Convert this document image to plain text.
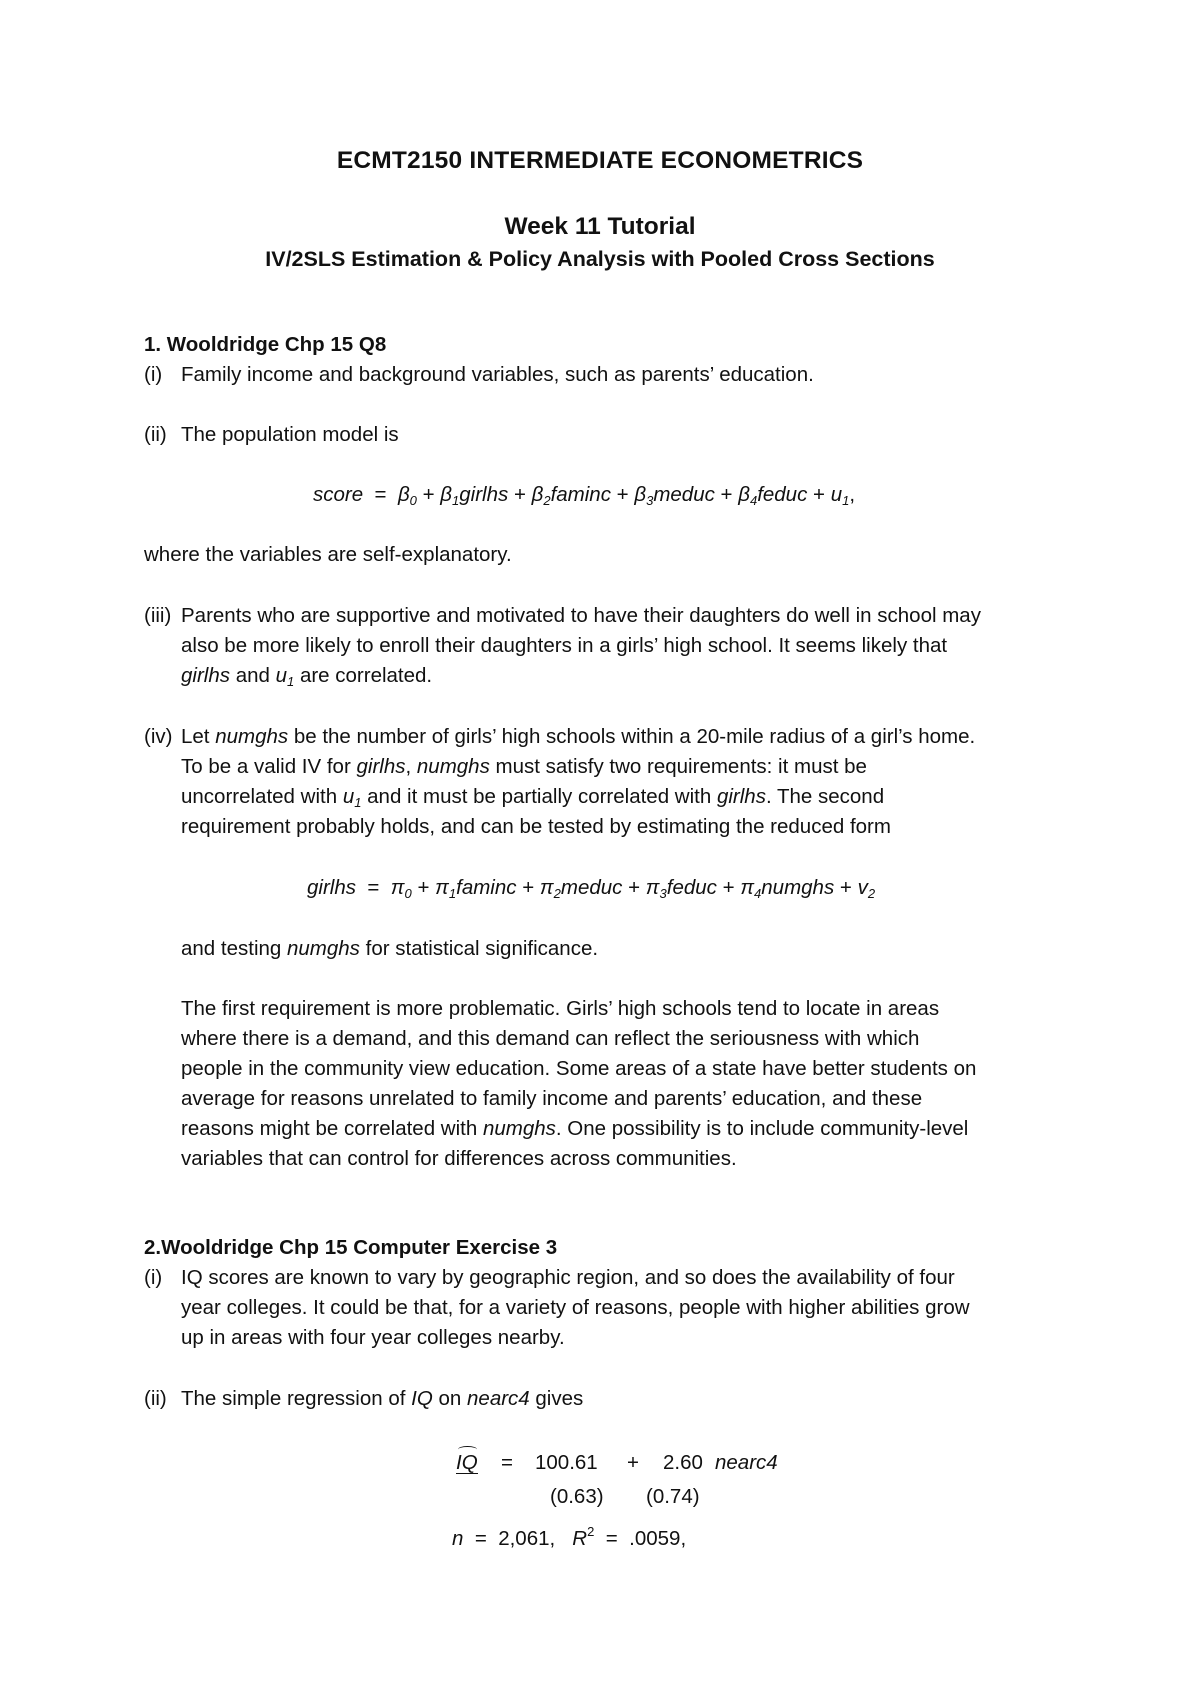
ECMT2150 INTERMEDIATE ECONOMETRICS
Week 11 Tutorial
IV/2SLS Estimation & Policy Analysis with Pooled Cross Sections
1. Wooldridge Chp 15 Q8
(i) Family income and background variables, such as parents’ education.
(ii) The population model is
score = $\beta_0$ + $\beta_1girlhs + \beta_2faminc$ + $\beta_3meduc$ + $\beta_4feduc + u_1$,
where the variables are self-explanatory.
(iii) Parents who are supportive and motivated to have their daughters do well in school may
also be more likely to enroll their daughters in a girls’ high school. It seems likely that
girlhs and $u_1$ are correlated.
(iv) Let numghs be the number of girls’ high schools within a 20-mile radius of a girl’s home.
To be a valid IV for girlhs, numghs must satisfy two requirements: it must be
uncorrelated with $u_1$ and it must be partially correlated with girlhs. The second
requirement probably holds, and can be tested by estimating the reduced form
girlhs = $\pi_0 + \pi_1faminc$ + $\pi_2meduc$ + $\pi_3feduc$ + $\pi_4numghs + v_2$
and testing numghs for statistical significance.
The first requirement is more problematic. Girls’ high schools tend to locate in areas
where there is a demand, and this demand can reflect the seriousness with which
people in the community view education. Some areas of a state have better students on
average for reasons unrelated to family income and parents’ education, and these
reasons might be correlated with numghs. One possibility is to include community-level
variables that can control for differences across communities.
2.Wooldridge Chp 15 Computer Exercise 3
(i) IQ scores are known to vary by geographic region, and so does the availability of four
year colleges. It could be that, for a variety of reasons, people with higher abilities grow
up in areas with four year colleges nearby.
(ii) The simple regression of IQ on nearc4 gives
IQ = 100.61 + 2.60 nearc4
(0.63) (0.74)
n = 2,061, $R^2 = .0059$,
